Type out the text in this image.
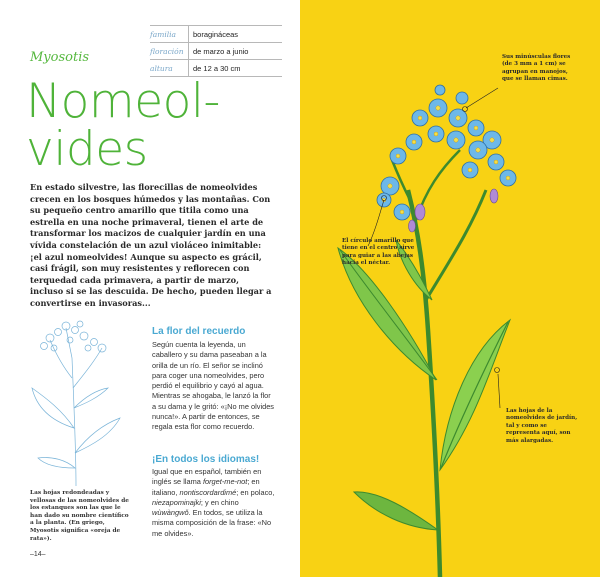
familia	boragináceas
floración	de marzo a junio
altura	de 12 a 30 cm
Myosotis
Nomeol-
vides
En estado silvestre, las florecillas de nomeolvides crecen en los bosques húmedos y las montañas. Con su pequeño centro amarillo que titila como una estrella en una noche primaveral, tienen el arte de transformar los macizos de cualquier jardín en una vívida constelación de un azul violáceo inimitable: ¡el azul nomeolvides! Aunque su aspecto es grácil, casi frágil, son muy resistentes y reflorecen con terquedad cada primavera, a partir de marzo, incluso si se las descuida. De hecho, pueden llegar a convertirse en invasoras...
La flor del recuerdo
Según cuenta la leyenda, un caballero y su dama paseaban a la orilla de un río. El señor se inclinó para coger una nomeolvides, pero perdió el equilibrio y cayó al agua. Mientras se ahogaba, le lanzó la flor a su dama y le gritó: «¡No me olvides nunca!». A partir de entonces, se regala esta flor como recuerdo.
¡En todos los idiomas!
Igual que en español, también en inglés se llama forget-me-not; en italiano, nontiscordardimé; en polaco, niezapominajki; y en chino wùwàngwǒ. En todos, se utiliza la misma composición de la frase: «No me olvides».
Las hojas redondeadas y vellosas de las nomeolvides de los estanques son las que le han dado su nombre científico a la planta. (En griego, Myosotis significa «oreja de rata»).
–14–
Sus minúsculas flores (de 3 mm a 1 cm) se agrupan en manojos, que se llaman cimas.
El círculo amarillo que tiene en el centro sirve para guiar a las abejas hacia el néctar.
Las hojas de la nomeolvides de jardín, tal y como se representa aquí, son más alargadas.
